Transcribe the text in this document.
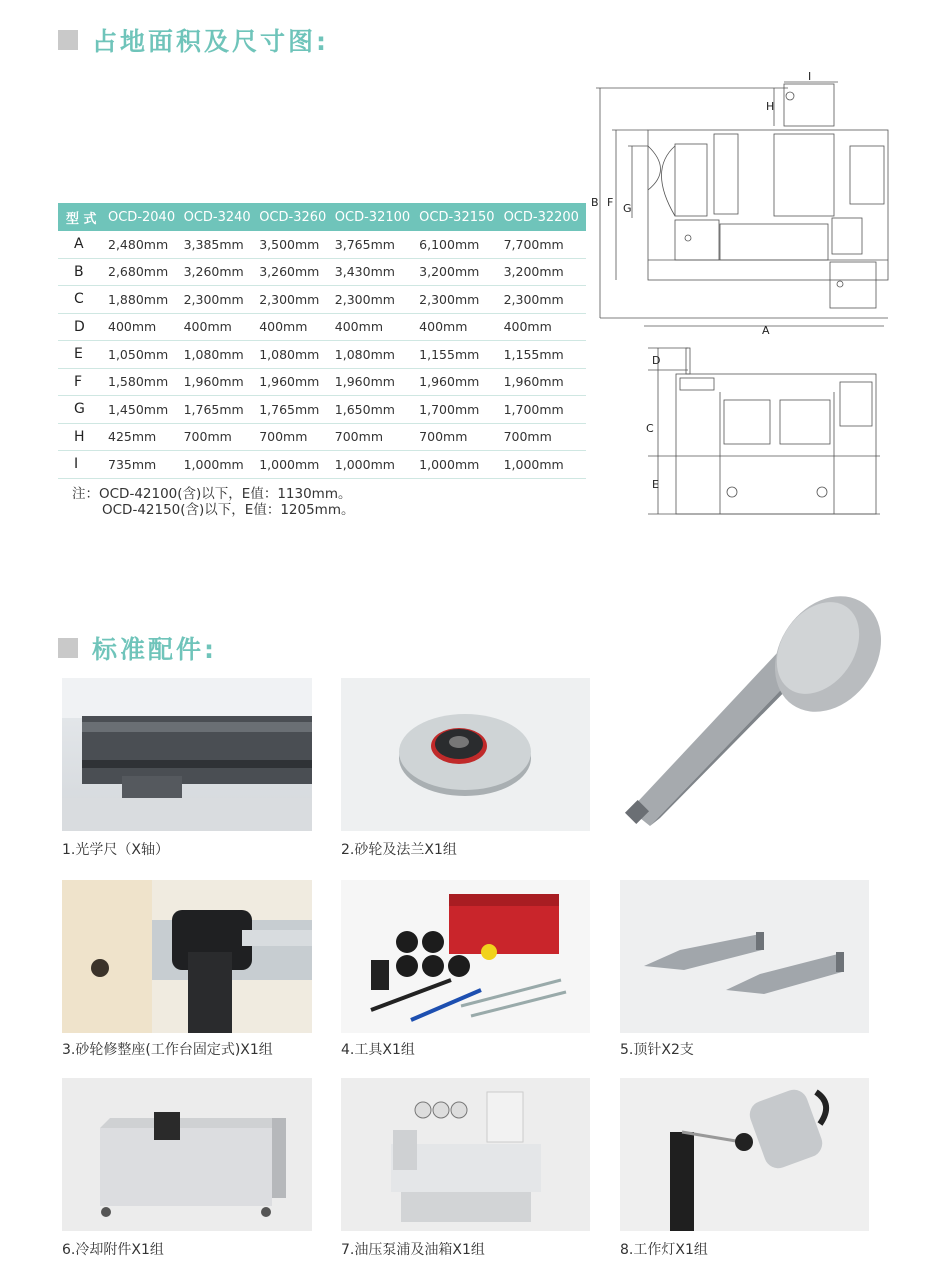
占地面积及尺寸图:
型 式	OCD-2040	OCD-3240	OCD-3260	OCD-32100	OCD-32150	OCD-32200
A	2,480mm	3,385mm	3,500mm	3,765mm	6,100mm	7,700mm
B	2,680mm	3,260mm	3,260mm	3,430mm	3,200mm	3,200mm
C	1,880mm	2,300mm	2,300mm	2,300mm	2,300mm	2,300mm
D	400mm	400mm	400mm	400mm	400mm	400mm
E	1,050mm	1,080mm	1,080mm	1,080mm	1,155mm	1,155mm
F	1,580mm	1,960mm	1,960mm	1,960mm	1,960mm	1,960mm
G	1,450mm	1,765mm	1,765mm	1,650mm	1,700mm	1,700mm
H	425mm	700mm	700mm	700mm	700mm	700mm
I	735mm	1,000mm	1,000mm	1,000mm	1,000mm	1,000mm
注：OCD-42100(含)以下，E值：1130mm。
OCD-42150(含)以下，E值：1205mm。
A
B F G
H
I
D
C
E
标准配件:
1.光学尺（X轴）	2.砂轮及法兰X1组
3.砂轮修整座(工作台固定式)X1组	4.工具X1组	5.顶针X2支
6.冷却附件X1组	7.油压泵浦及油箱X1组	8.工作灯X1组
